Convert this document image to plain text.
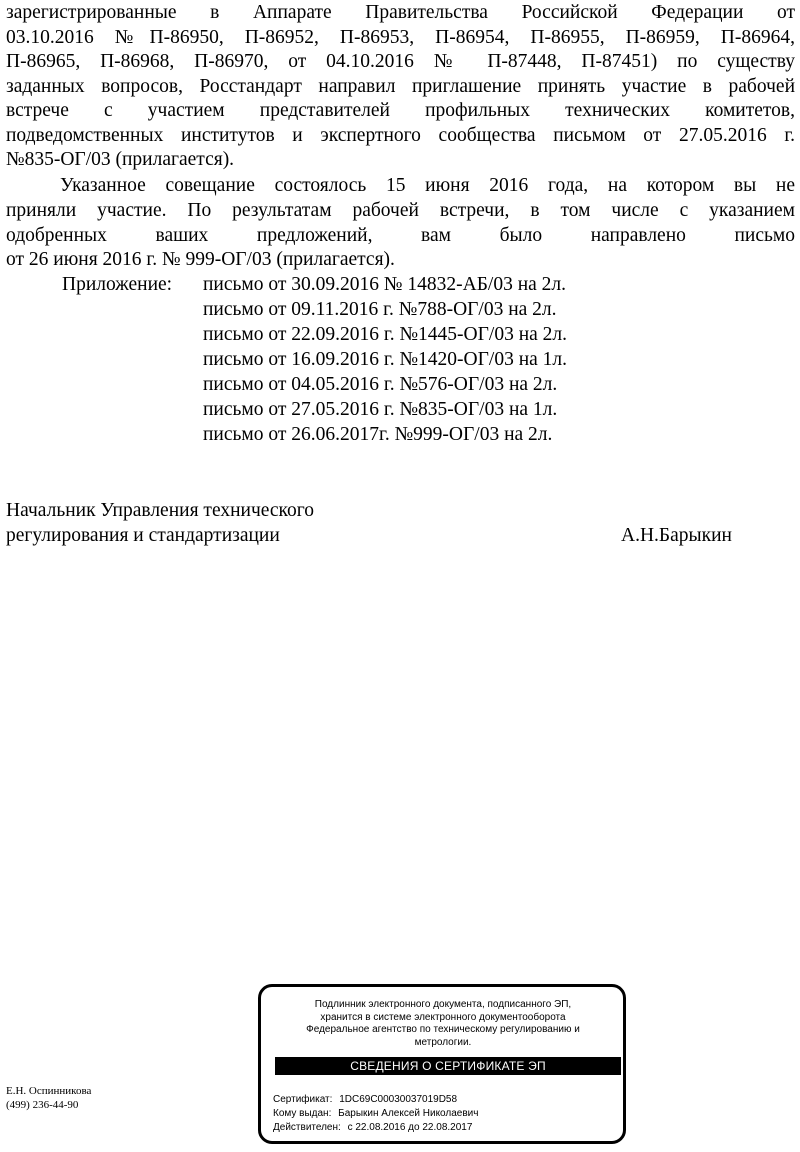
зарегистрированные в Аппарате Правительства Российской Федерации от
03.10.2016 №П-86950, П-86952, П-86953, П-86954, П-86955, П-86959, П-86964,
П-86965, П-86968, П-86970, от 04.10.2016 № П-87448, П-87451) по существу
заданных вопросов, Росстандарт направил приглашение принять участие в рабочей
встрече с участием представителей профильных технических комитетов,
подведомственных институтов и экспертного сообщества письмом от 27.05.2016 г.
№835-ОГ/03 (прилагается).
Указанное совещание состоялось 15 июня 2016 года, на котором вы не
приняли участие. По результатам рабочей встречи, в том числе с указанием
одобренных ваших предложений, вам было направлено письмо
от 26 июня 2016 г. № 999-ОГ/03 (прилагается).
Приложение: письмо от 30.09.2016 № 14832-АБ/03 на 2л.
письмо от 09.11.2016 г. №788-ОГ/03 на 2л.
письмо от 22.09.2016 г. №1445-ОГ/03 на 2л.
письмо от 16.09.2016 г. №1420-ОГ/03 на 1л.
письмо от 04.05.2016 г. №576-ОГ/03 на 2л.
письмо от 27.05.2016 г. №835-ОГ/03 на 1л.
письмо от 26.06.2017г. №999-ОГ/03 на 2л.
Начальник Управления технического
регулирования и стандартизации	А.Н.Барыкин
Е.Н. Оспинникова
(499) 236-44-90
Подлинник электронного документа, подписанного ЭП,
хранится в системе электронного документооборота
Федеральное агентство по техническому регулированию и
метрологии.
СВЕДЕНИЯ О СЕРТИФИКАТЕ ЭП
Сертификат: 1DC69C00030037019D58
Кому выдан: Барыкин Алексей Николаевич
Действителен: с 22.08.2016 до 22.08.2017
